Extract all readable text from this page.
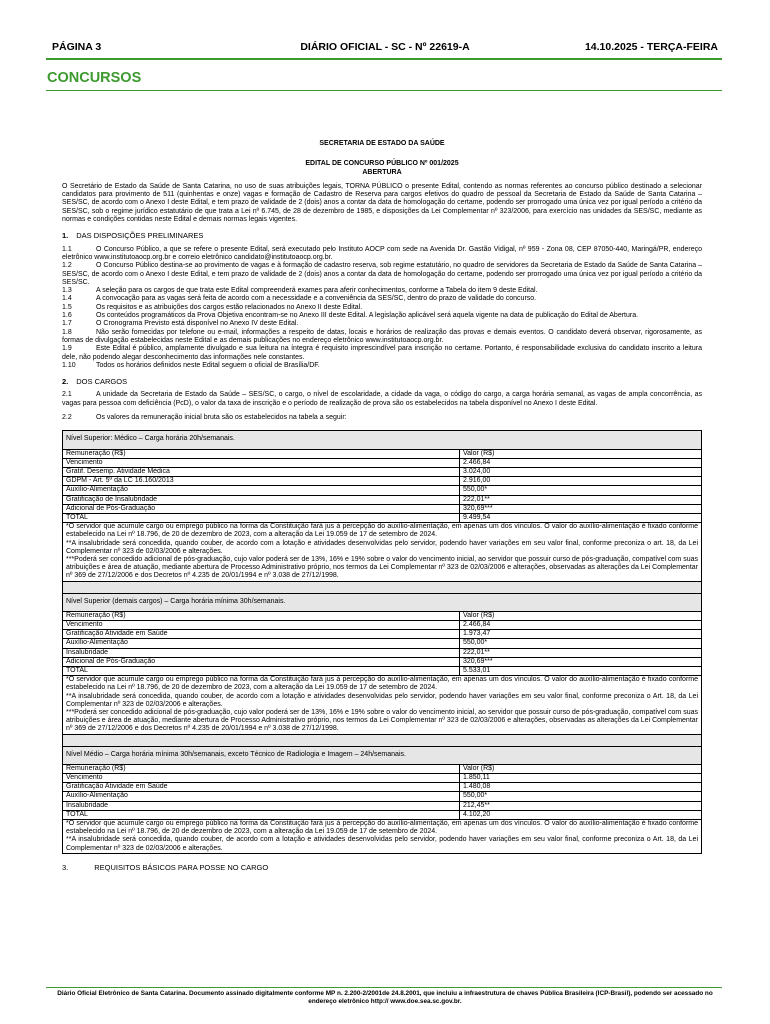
PÁGINA 3	DIÁRIO OFICIAL - SC - Nº 22619-A	14.10.2025 - TERÇA-FEIRA
CONCURSOS
SECRETARIA DE ESTADO DA SAÚDE
EDITAL DE CONCURSO PÚBLICO Nº 001/2025
ABERTURA
O Secretário de Estado da Saúde de Santa Catarina, no uso de suas atribuições legais, TORNA PÚBLICO o presente Edital, contendo as normas referentes ao concurso público destinado a selecionar candidatos para provimento de 511 (quinhentas e onze) vagas e formação de Cadastro de Reserva para cargos efetivos do quadro de pessoal da Secretaria de Estado da Saúde de Santa Catarina – SES/SC, de acordo com o Anexo I deste Edital, e tem prazo de validade de 2 (dois) anos a contar da data de homologação do certame, podendo ser prorrogado uma única vez por igual período a critério da SES/SC, sob o regime jurídico estatutário de que trata a Lei nº 6.745, de 28 de dezembro de 1985, e disposições da Lei Complementar nº 323/2006, para exercício nas unidades da SES/SC, mediante as normas e condições contidas neste Edital e demais normas legais vigentes.
1. DAS DISPOSIÇÕES PRELIMINARES
1.1	O Concurso Público, a que se refere o presente Edital, será executado pelo Instituto AOCP com sede na Avenida Dr. Gastão Vidigal, nº 959 - Zona 08, CEP 87050-440, Maringá/PR, endereço eletrônico www.institutoaocp.org.br e correio eletrônico candidato@institutoaocp.org.br.
1.2	O Concurso Público destina-se ao provimento de vagas e à formação de cadastro reserva, sob regime estatutário, no quadro de servidores da Secretaria de Estado da Saúde de Santa Catarina – SES/SC, de acordo com o Anexo I deste Edital, e tem prazo de validade de 2 (dois) anos a contar da data de homologação do certame, podendo ser prorrogado uma única vez por igual período a critério da SES/SC.
1.3	A seleção para os cargos de que trata este Edital compreenderá exames para aferir conhecimentos, conforme a Tabela do item 9 deste Edital.
1.4	A convocação para as vagas será feita de acordo com a necessidade e a conveniência da SES/SC, dentro do prazo de validade do concurso.
1.5	Os requisitos e as atribuições dos cargos estão relacionados no Anexo II deste Edital.
1.6	Os conteúdos programáticos da Prova Objetiva encontram-se no Anexo III deste Edital. A legislação aplicável será aquela vigente na data de publicação do Edital de Abertura.
1.7	O Cronograma Previsto está disponível no Anexo IV deste Edital.
1.8	Não serão fornecidas por telefone ou e-mail, informações a respeito de datas, locais e horários de realização das provas e demais eventos. O candidato deverá observar, rigorosamente, as formas de divulgação estabelecidas neste Edital e as demais publicações no endereço eletrônico www.institutoaocp.org.br.
1.9	Este Edital é público, amplamente divulgado e sua leitura na íntegra é requisito imprescindível para inscrição no certame. Portanto, é responsabilidade exclusiva do candidato inscrito a leitura dele, não podendo alegar desconhecimento das informações nele constantes.
1.10	Todos os horários definidos neste Edital seguem o oficial de Brasília/DF.
2. DOS CARGOS
2.1	A unidade da Secretaria de Estado da Saúde – SES/SC, o cargo, o nível de escolaridade, a cidade da vaga, o código do cargo, a carga horária semanal, as vagas de ampla concorrência, as vagas para pessoa com deficiência (PcD), o valor da taxa de inscrição e o período de realização de prova são os estabelecidos na tabela disponível no Anexo I deste Edital.
2.2	Os valores da remuneração inicial bruta são os estabelecidos na tabela a seguir:
Nível Superior: Médico – Carga horária 20h/semanais.	
Remuneração (R$)	Valor (R$)
Vencimento	2.466,84
Gratif. Desemp. Atividade Médica	3.024,00
GDPM - Art. 5º da LC 16.160/2013	2.916,00
Auxílio-Alimentação	550,00*
Gratificação de Insalubridade	222,01**
Adicional de Pós-Graduação	320,69***
TOTAL	9.499,54

*O servidor que acumule cargo ou emprego público na forma da Constituição fará jus à percepção do auxílio-alimentação, em apenas um dos vínculos. O valor do auxílio-alimentação é fixado conforme estabelecido na Lei nº 18.796, de 20 de dezembro de 2023, com a alteração da Lei 19.059 de 17 de setembro de 2024.
**A insalubridade será concedida, quando couber, de acordo com a lotação e atividades desenvolvidas pelo servidor, podendo haver variações em seu valor final, conforme preconiza o art. 18, da Lei Complementar nº 323 de 02/03/2006 e alterações.
***Poderá ser concedido adicional de pós-graduação, cujo valor poderá ser de 13%, 16% e 19% sobre o valor do vencimento inicial, ao servidor que possuir curso de pós-graduação, compatível com suas atribuições e área de atuação, mediante abertura de Processo Administrativo próprio, nos termos da Lei Complementar nº 323 de 02/03/2006 e alterações, observadas as alterações da Lei Complementar nº 369 de 27/12/2006 e dos Decretos nº 4.235 de 20/01/1994 e nº 3.038 de 27/12/1998.	

Nível Superior (demais cargos) – Carga horária mínima 30h/semanais.	
Remuneração (R$)	Valor (R$)
Vencimento	2.466,84
Gratificação Atividade em Saúde	1.973,47
Auxílio-Alimentação	550,00*
Insalubridade	222,01**
Adicional de Pós-Graduação	320,69***
TOTAL	5.533,01

*O servidor que acumule cargo ou emprego público na forma da Constituição fará jus à percepção do auxílio-alimentação, em apenas um dos vínculos. O valor do auxílio-alimentação é fixado conforme estabelecido na Lei nº 18.796, de 20 de dezembro de 2023, com a alteração da Lei 19.059 de 17 de setembro de 2024.
**A insalubridade será concedida, quando couber, de acordo com a lotação e atividades desenvolvidas pelo servidor, podendo haver variações em seu valor final, conforme preconiza o Art. 18, da Lei Complementar nº 323 de 02/03/2006 e alterações.
***Poderá ser concedido adicional de pós-graduação, cujo valor poderá ser de 13%, 16% e 19% sobre o valor do vencimento inicial, ao servidor que possuir curso de pós-graduação, compatível com suas atribuições e área de atuação, mediante abertura de Processo Administrativo próprio, nos termos da Lei Complementar nº 323 de 02/03/2006 e alterações, observadas as alterações da Lei Complementar nº 369 de 27/12/2006 e dos Decretos nº 4.235 de 20/01/1994 e nº 3.038 de 27/12/1998.	

Nível Médio – Carga horária mínima 30h/semanais, exceto Técnico de Radiologia e Imagem – 24h/semanais.	
Remuneração (R$)	Valor (R$)
Vencimento	1.850,11
Gratificação Atividade em Saúde	1.480,08
Auxílio-Alimentação	550,00*
Insalubridade	212,45**
TOTAL	4.102,20

*O servidor que acumule cargo ou emprego público na forma da Constituição fará jus à percepção do auxílio-alimentação, em apenas um dos vínculos. O valor do auxílio-alimentação é fixado conforme estabelecido na Lei nº 18.796, de 20 de dezembro de 2023, com a alteração da Lei 19.059 de 17 de setembro de 2024.
**A insalubridade será concedida, quando couber, de acordo com a lotação e atividades desenvolvidas pelo servidor, podendo haver variações em seu valor final, conforme preconiza o Art. 18, da Lei Complementar nº 323 de 02/03/2006 e alterações.	
3.	REQUISITOS BÁSICOS PARA POSSE NO CARGO
Diário Oficial Eletrônico de Santa Catarina. Documento assinado digitalmente conforme MP n. 2.200-2/2001de 24.8.2001, que incluiu a infraestrutura de chaves Pública Brasileira (ICP-Brasil), podendo ser acessado no endereço eletrônico http:// www.doe.sea.sc.gov.br.
